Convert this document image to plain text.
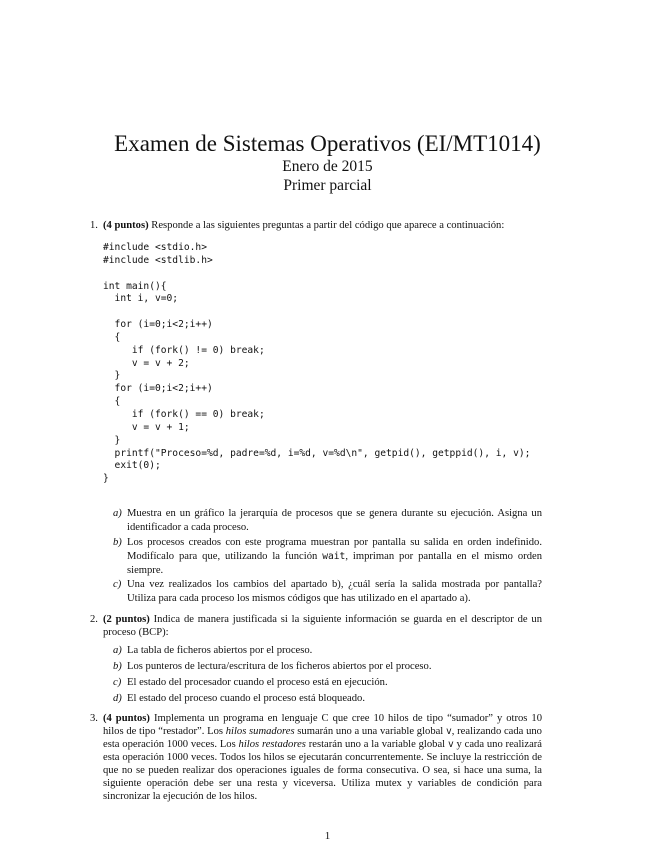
Examen de Sistemas Operativos (EI/MT1014)
Enero de 2015
Primer parcial
1. (4 puntos) Responde a las siguientes preguntas a partir del código que aparece a continuación:
#include <stdio.h>
#include <stdlib.h>

int main(){
int i, v=0;

for (i=0;i<2;i++)
{
if (fork() != 0) break;
v = v + 2;
}
for (i=0;i<2;i++)
{
if (fork() == 0) break;
v = v + 1;
}
printf("Proceso=%d, padre=%d, i=%d, v=%d\n", getpid(), getppid(), i, v);
exit(0);
}
a) Muestra en un gráfico la jerarquía de procesos que se genera durante su ejecución. Asigna un identificador a cada proceso.
b) Los procesos creados con este programa muestran por pantalla su salida en orden indefinido. Modifícalo para que, utilizando la función wait, impriman por pantalla en el mismo orden siempre.
c) Una vez realizados los cambios del apartado b), ¿cuál sería la salida mostrada por pantalla? Utiliza para cada proceso los mismos códigos que has utilizado en el apartado a).
2. (2 puntos) Indica de manera justificada si la siguiente información se guarda en el descriptor de un proceso (BCP):
a) La tabla de ficheros abiertos por el proceso.
b) Los punteros de lectura/escritura de los ficheros abiertos por el proceso.
c) El estado del procesador cuando el proceso está en ejecución.
d) El estado del proceso cuando el proceso está bloqueado.
3. (4 puntos) Implementa un programa en lenguaje C que cree 10 hilos de tipo “sumador” y otros 10 hilos de tipo “restador”. Los hilos sumadores sumarán uno a una variable global v, realizando cada uno esta operación 1000 veces. Los hilos restadores restarán uno a la variable global v y cada uno realizará esta operación 1000 veces. Todos los hilos se ejecutarán concurrentemente. Se incluye la restricción de que no se pueden realizar dos operaciones iguales de forma consecutiva. O sea, si hace una suma, la siguiente operación debe ser una resta y viceversa. Utiliza mutex y variables de condición para sincronizar la ejecución de los hilos.
1
